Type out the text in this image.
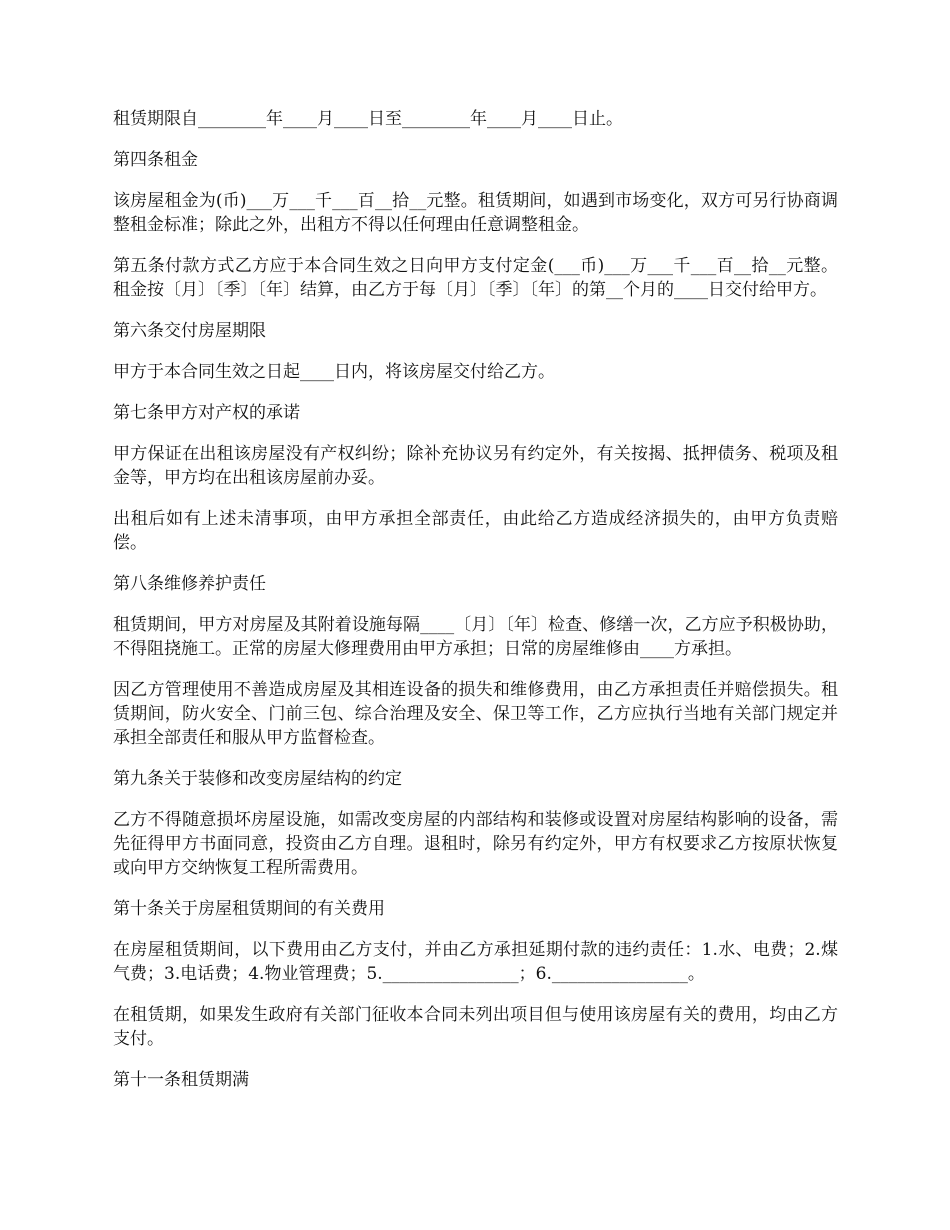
租赁期限自________年____月____日至________年____月____日止。

第四条租金

该房屋租金为(币)___万___千___百__拾__元整。租赁期间，如遇到市场变化，双方可另行协商调整租金标准；除此之外，出租方不得以任何理由任意调整租金。

第五条付款方式乙方应于本合同生效之日向甲方支付定金(___币)___万___千___百__拾__元整。租金按〔月〕〔季〕〔年〕结算，由乙方于每〔月〕〔季〕〔年〕的第__个月的____日交付给甲方。

第六条交付房屋期限

甲方于本合同生效之日起____日内，将该房屋交付给乙方。

第七条甲方对产权的承诺

甲方保证在出租该房屋没有产权纠纷；除补充协议另有约定外，有关按揭、抵押债务、税项及租金等，甲方均在出租该房屋前办妥。

出租后如有上述未清事项，由甲方承担全部责任，由此给乙方造成经济损失的，由甲方负责赔偿。

第八条维修养护责任

租赁期间，甲方对房屋及其附着设施每隔____〔月〕〔年〕检查、修缮一次，乙方应予积极协助，不得阻挠施工。正常的房屋大修理费用由甲方承担；日常的房屋维修由____方承担。

因乙方管理使用不善造成房屋及其相连设备的损失和维修费用，由乙方承担责任并赔偿损失。租赁期间，防火安全、门前三包、综合治理及安全、保卫等工作，乙方应执行当地有关部门规定并承担全部责任和服从甲方监督检查。

第九条关于装修和改变房屋结构的约定

乙方不得随意损坏房屋设施，如需改变房屋的内部结构和装修或设置对房屋结构影响的设备，需先征得甲方书面同意，投资由乙方自理。退租时，除另有约定外，甲方有权要求乙方按原状恢复或向甲方交纳恢复工程所需费用。

第十条关于房屋租赁期间的有关费用

在房屋租赁期间，以下费用由乙方支付，并由乙方承担延期付款的违约责任：1.水、电费；2.煤气费；3.电话费；4.物业管理费；5.________________；6.________________。

在租赁期，如果发生政府有关部门征收本合同未列出项目但与使用该房屋有关的费用，均由乙方支付。

第十一条租赁期满
